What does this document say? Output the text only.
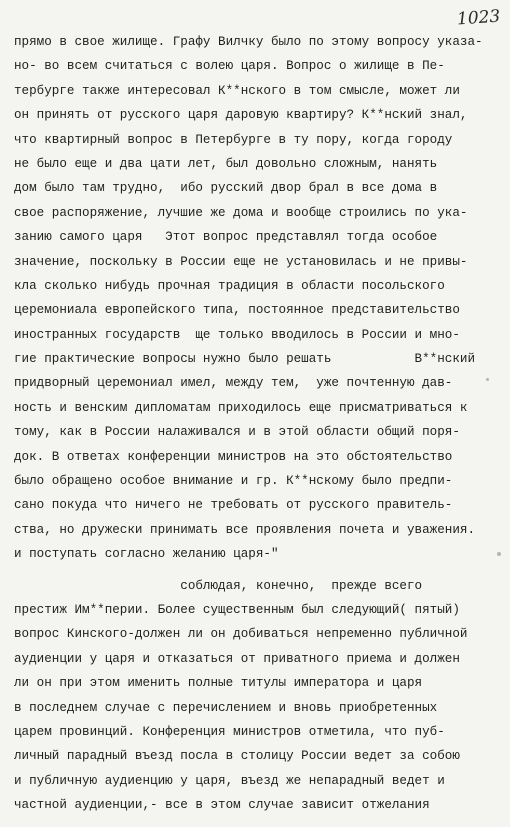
1023
прямо в свое жилище. Графу Вилчку было по этому вопросу указа-
но- во всем считаться с волею царя. Вопрос о жилище в Пе-
тербурге также интересовал К**нского в том смысле, может ли
он принять от русского царя даровую квартиру? К**нский знал,
что квартирный вопрос в Петербурге в ту пору, когда городу
не было еще и два цати лет, был довольно сложным, нанять
дом было там трудно,  ибо русский двор брал в все дома в
свое распоряжение, лучшие же дома и вообще строились по ука-
занию самого царя   Этот вопрос представлял тогда особое
значение, поскольку в России еще не установилась и не привы-
кла сколько нибудь прочная традиция в области посольского
церемониала европейского типа, постоянное представительство
иностранных государств  ще только вводилось в России и мно-
гие практические вопросы нужно было решать           В**нский
придворный церемониал имел, между тем,  уже почтенную дав-
ность и венским дипломатам приходилось еще присматриваться к
тому, как в России налаживался и в этой области общий поря-
док. В ответах конференции министров на это обстоятельство
было обращено особое внимание и гр. К**нскому было предпи-
сано покуда что ничего не требовать от русского правитель-
ства, но дружески принимать все проявления почета и уважения.
и поступать согласно желанию царя-"
соблюдая, конечно,  прежде всего
престиж Им**перии. Более существенным был следующий( пятый)
вопрос Кинского-должен ли он добиваться непременно публичной
аудиенции у царя и отказаться от приватного приема и должен
ли он при этом именить полные титулы императора и царя
в последнем случае с перечислением и вновь приобретенных
царем провинций. Конференция министров отметила, что пуб-
личный парадный въезд посла в столицу России ведет за собою
и публичную аудиенцию у царя, въезд же непарадный ведет и
частной аудиенции,- все в этом случае зависит отжелания
